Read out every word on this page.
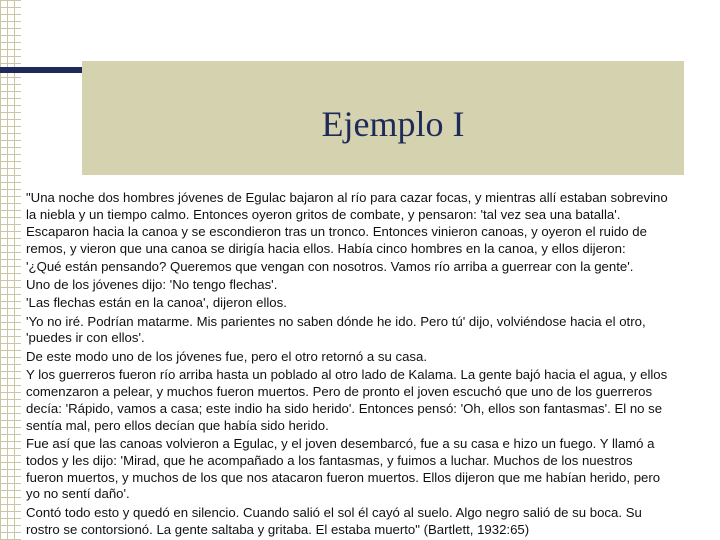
Ejemplo I

"Una noche dos hombres jóvenes de Egulac bajaron al río para cazar focas, y mientras allí estaban sobrevino la niebla y un tiempo calmo. Entonces oyeron gritos de combate, y pensaron: 'tal vez sea una batalla'. Escaparon hacia la canoa y se escondieron tras un tronco. Entonces vinieron canoas, y oyeron el ruido de remos, y vieron que una canoa se dirigía hacia ellos. Había cinco hombres en la canoa, y ellos dijeron:

'¿Qué están pensando? Queremos que vengan con nosotros. Vamos río arriba a guerrear con la gente'.

Uno de los jóvenes dijo: 'No tengo flechas'.

'Las flechas están en la canoa', dijeron ellos.

'Yo no iré. Podrían matarme. Mis parientes no saben dónde he ido. Pero tú' dijo, volviéndose hacia el otro, 'puedes ir con ellos'.

De este modo uno de los jóvenes fue, pero el otro retornó a su casa.

Y los guerreros fueron río arriba hasta un poblado al otro lado de Kalama. La gente bajó hacia el agua, y ellos comenzaron a pelear, y muchos fueron muertos. Pero de pronto el joven escuchó que uno de los guerreros decía: 'Rápido, vamos a casa; este indio ha sido herido'. Entonces pensó: 'Oh, ellos son fantasmas'. El no se sentía mal, pero ellos decían que había sido herido.

Fue así que las canoas volvieron a Egulac, y el joven desembarcó, fue a su casa e hizo un fuego. Y llamó a todos y les dijo: 'Mirad, que he acompañado a los fantasmas, y fuimos a luchar. Muchos de los nuestros fueron muertos, y muchos de los que nos atacaron fueron muertos. Ellos dijeron que me habían herido, pero yo no sentí daño'.

Contó todo esto y quedó en silencio. Cuando salió el sol él cayó al suelo. Algo negro salió de su boca. Su rostro se contorsionó. La gente saltaba y gritaba. El estaba muerto" (Bartlett, 1932:65)
